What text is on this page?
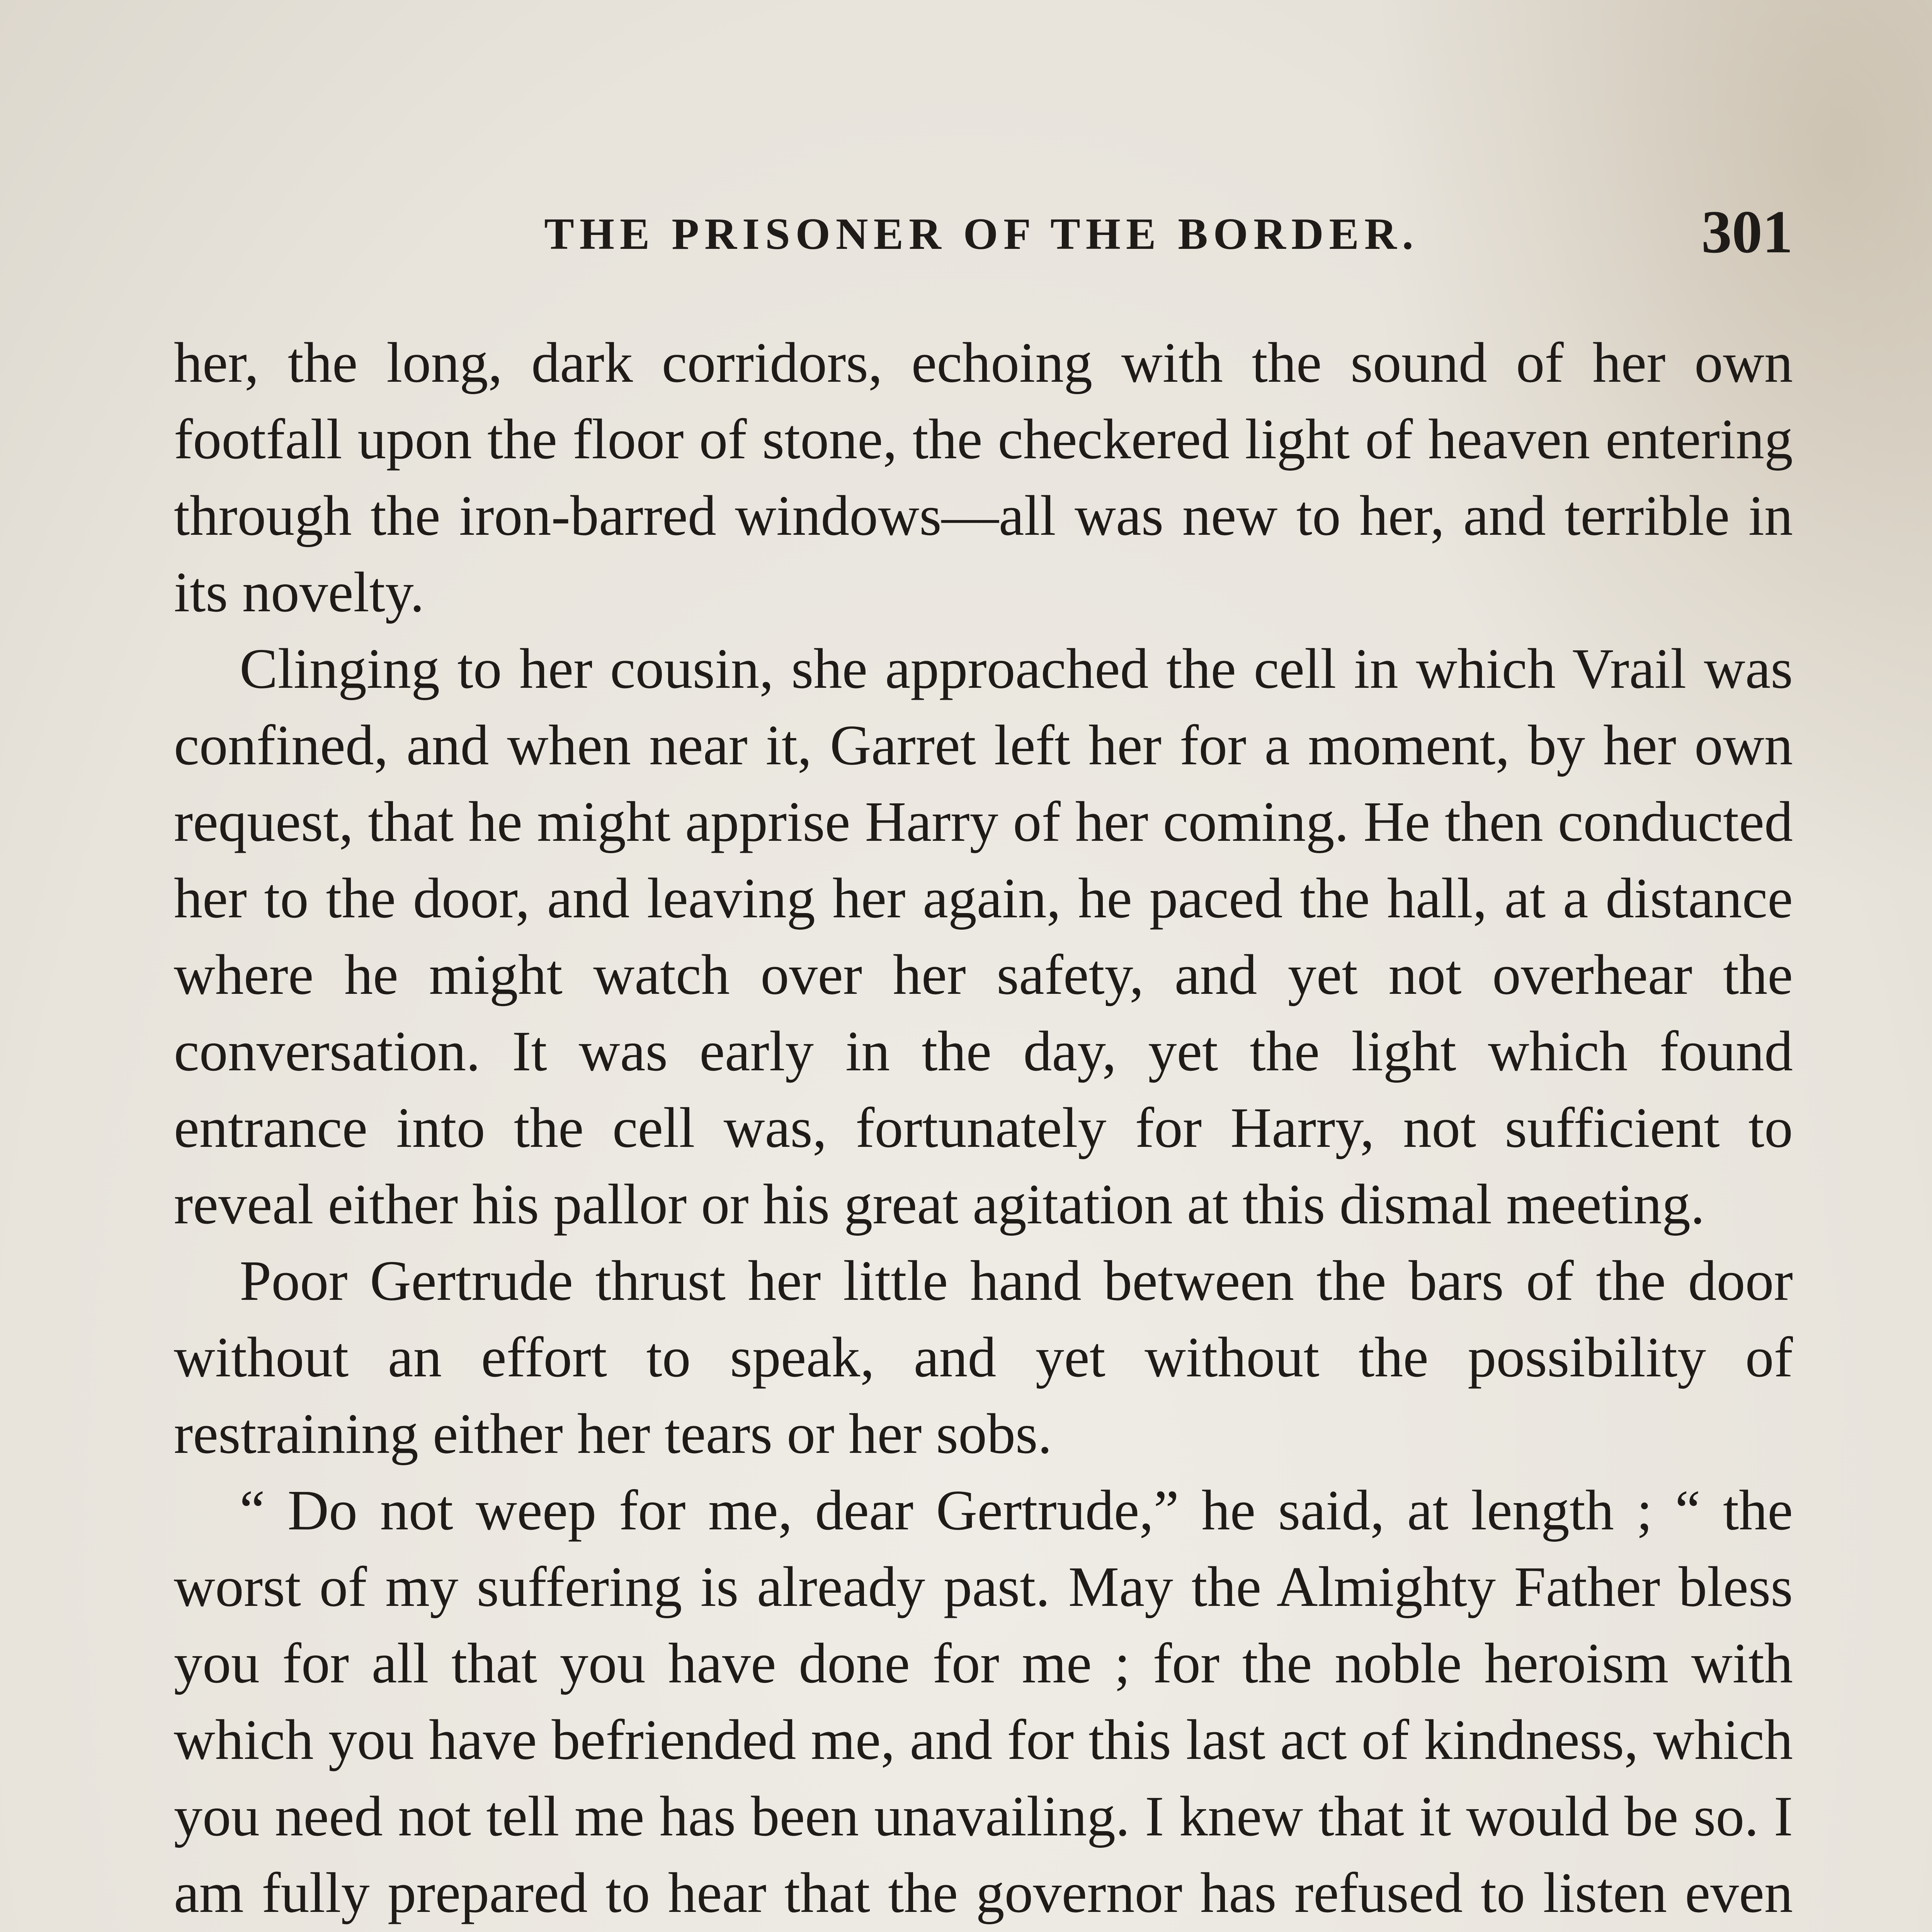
THE PRISONER OF THE BORDER.	301

her, the long, dark corridors, echoing with the sound of her own footfall upon the floor of stone, the checkered light of heaven entering through the iron-barred windows—all was new to her, and terrible in its novelty.

Clinging to her cousin, she approached the cell in which Vrail was confined, and when near it, Garret left her for a moment, by her own request, that he might apprise Harry of her coming. He then conducted her to the door, and leaving her again, he paced the hall, at a distance where he might watch over her safety, and yet not overhear the conversation. It was early in the day, yet the light which found entrance into the cell was, fortunately for Harry, not sufficient to reveal either his pallor or his great agitation at this dismal meeting.

Poor Gertrude thrust her little hand between the bars of the door without an effort to speak, and yet without the possibility of restraining either her tears or her sobs.

“ Do not weep for me, dear Gertrude,” he said, at length ; “ the worst of my suffering is already past. May the Almighty Father bless you for all that you have done for me ; for the noble heroism with which you have befriended me, and for this last act of kindness, which you need not tell me has been unavailing. I knew that it would be so. I am fully prepared to hear that the governor has refused to listen even
